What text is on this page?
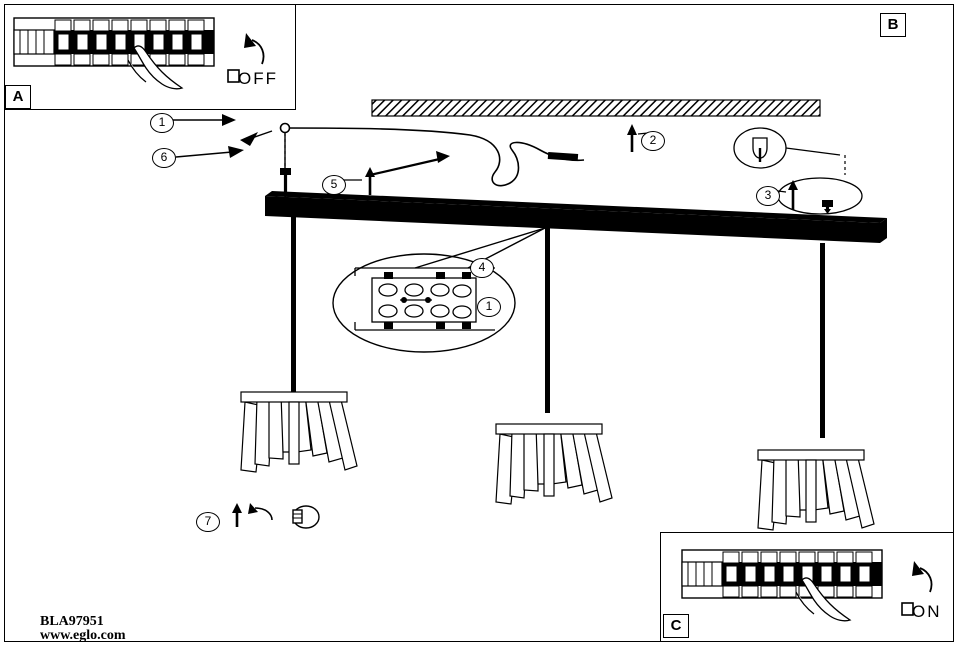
A
B
C
OFF
ON
1
2
3
4
5
6
7
1
BLA97951
www.eglo.com
